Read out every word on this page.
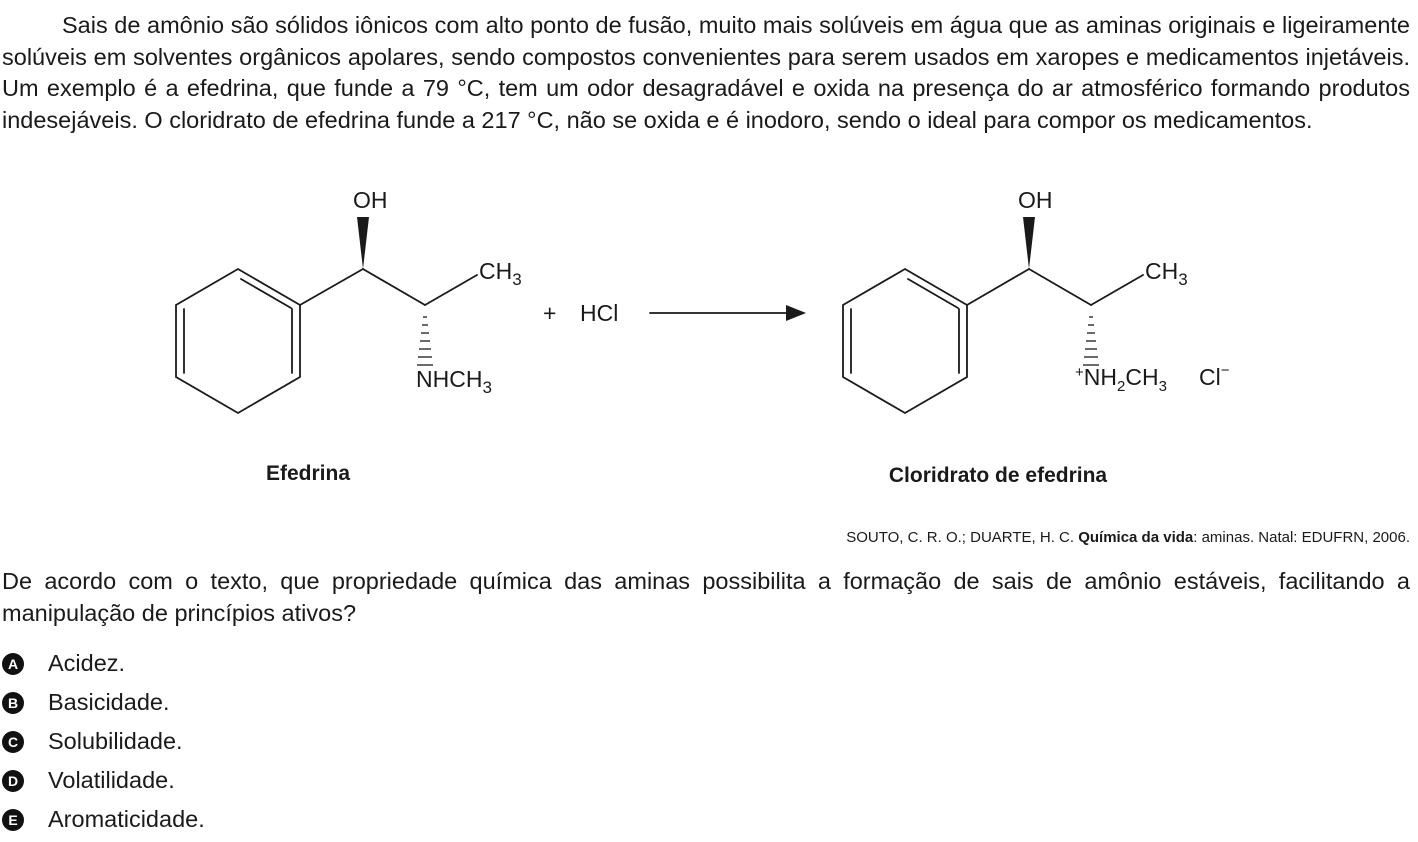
Sais de amônio são sólidos iônicos com alto ponto de fusão, muito mais solúveis em água que as aminas originais e ligeiramente solúveis em solventes orgânicos apolares, sendo compostos convenientes para serem usados em xaropes e medicamentos injetáveis. Um exemplo é a efedrina, que funde a 79 °C, tem um odor desagradável e oxida na presença do ar atmosférico formando produtos indesejáveis. O cloridrato de efedrina funde a 217 °C, não se oxida e é inodoro, sendo o ideal para compor os medicamentos.

OH
$CH_3$
$NHCH_3$
Efedrina
+ HCl
OH
$CH_3$
$^+NH_2CH_3$ Cl−
Cloridrato de efedrina

SOUTO, C. R. O.; DUARTE, H. C. Química da vida: aminas. Natal: EDUFRN, 2006.

De acordo com o texto, que propriedade química das aminas possibilita a formação de sais de amônio estáveis, facilitando a manipulação de princípios ativos?

A Acidez.
B Basicidade.
C Solubilidade.
D Volatilidade.
E Aromaticidade.
